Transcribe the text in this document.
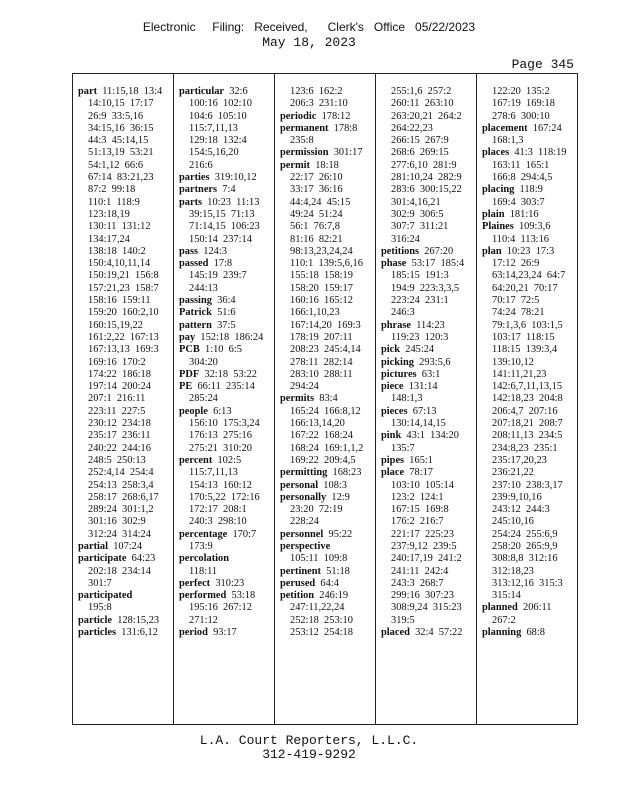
Electronic     Filing:   Received,      Clerk's   Office   05/22/2023
May 18, 2023
Page 345
part  11:15,18  13:4
14:10,15  17:17
26:9  33:5,16
34:15,16  36:15
44:3  45:14,15
51:13,19  53:21
54:1,12  66:6
67:14  83:21,23
87:2  99:18
110:1  118:9
123:18,19
130:11  131:12
134:17,24
138:18  140:2
150:4,10,11,14
150:19,21  156:8
157:21,23  158:7
158:16  159:11
159:20  160:2,10
160:15,19,22
161:2,22  167:13
167:13,13  169:3
169:16  170:2
174:22  186:18
197:14  200:24
207:1  216:11
223:11  227:5
230:12  234:18
235:17  236:11
240:22  244:16
248:5  250:13
252:4,14  254:4
254:13  258:3,4
258:17  268:6,17
289:24  301:1,2
301:16  302:9
312:24  314:24
partial  107:24
participate  64:23
202:18  234:14
301:7
participated
195:8
particle  128:15,23
particles  131:6,12
particular  32:6
100:16  102:10
104:6  105:10
115:7,11,13
129:18  132:4
154:5,16,20
216:6
parties  319:10,12
partners  7:4
parts  10:23  11:13
39:15,15  71:13
71:14,15  106:23
150:14  237:14
pass  124:3
passed  17:8
145:19  239:7
244:13
passing  36:4
Patrick  51:6
pattern  37:5
pay  152:18  186:24
PCB  1:10  6:5
304:20
PDF  32:18  53:22
PE  66:11  235:14
285:24
people  6:13
156:10  175:3,24
176:13  275:16
275:21  310:20
percent  102:5
115:7,11,13
154:13  160:12
170:5,22  172:16
172:17  208:1
240:3  298:10
percentage  170:7
173:9
percolation
118:11
perfect  310:23
performed  53:18
195:16  267:12
271:12
period  93:17
123:6  162:2
206:3  231:10
periodic  178:12
permanent  178:8
235:8
permission  301:17
permit  18:18
22:17  26:10
33:17  36:16
44:4,24  45:15
49:24  51:24
56:1  76:7,8
81:16  82:21
98:13,23,24,24
110:1  139:5,6,16
155:18  158:19
158:20  159:17
160:16  165:12
166:1,10,23
167:14,20  169:3
178:19  207:11
208:23  245:4,14
278:11  282:14
283:10  288:11
294:24
permits  83:4
165:24  166:8,12
166:13,14,20
167:22  168:24
168:24  169:1,1,2
169:22  209:4,5
permitting  168:23
personal  108:3
personally  12:9
23:20  72:19
228:24
personnel  95:22
perspective
105:11  109:8
pertinent  51:18
perused  64:4
petition  246:19
247:11,22,24
252:18  253:10
253:12  254:18
255:1,6  257:2
260:11  263:10
263:20,21  264:2
264:22,23
266:15  267:9
268:6  269:15
277:6,10  281:9
281:10,24  282:9
283:6  300:15,22
301:4,16,21
302:9  306:5
307:7  311:21
316:24
petitions  267:20
phase  53:17  185:4
185:15  191:3
194:9  223:3,3,5
223:24  231:1
246:3
phrase  114:23
119:23  120:3
pick  245:24
picking  293:5,6
pictures  63:1
piece  131:14
148:1,3
pieces  67:13
130:14,14,15
pink  43:1  134:20
135:7
pipes  165:1
place  78:17
103:10  105:14
123:2  124:1
167:15  169:8
176:2  216:7
221:17  225:23
237:9,12  239:5
240:17,19  241:2
241:11  242:4
243:3  268:7
299:16  307:23
308:9,24  315:23
319:5
placed  32:4  57:22
122:20  135:2
167:19  169:18
278:6  300:10
placement  167:24
168:1,3
places  41:3  118:19
163:11  165:1
166:8  294:4,5
placing  118:9
169:4  303:7
plain  181:16
Plaines  109:3,6
110:4  113:16
plan  10:23  17:3
17:12  26:9
63:14,23,24  64:7
64:20,21  70:17
70:17  72:5
74:24  78:21
79:1,3,6  103:1,5
103:17  118:15
118:15  139:3,4
139:10,12
141:11,21,23
142:6,7,11,13,15
142:18,23  204:8
206:4,7  207:16
207:18,21  208:7
208:11,13  234:5
234:8,23  235:1
235:17,20,23
236:21,22
237:10  238:3,17
239:9,10,16
243:12  244:3
245:10,16
254:24  255:6,9
258:20  265:9,9
308:8,8  312:16
312:18,23
313:12,16  315:3
315:14
planned  206:11
267:2
planning  68:8
L.A. Court Reporters, L.L.C.
312-419-9292
